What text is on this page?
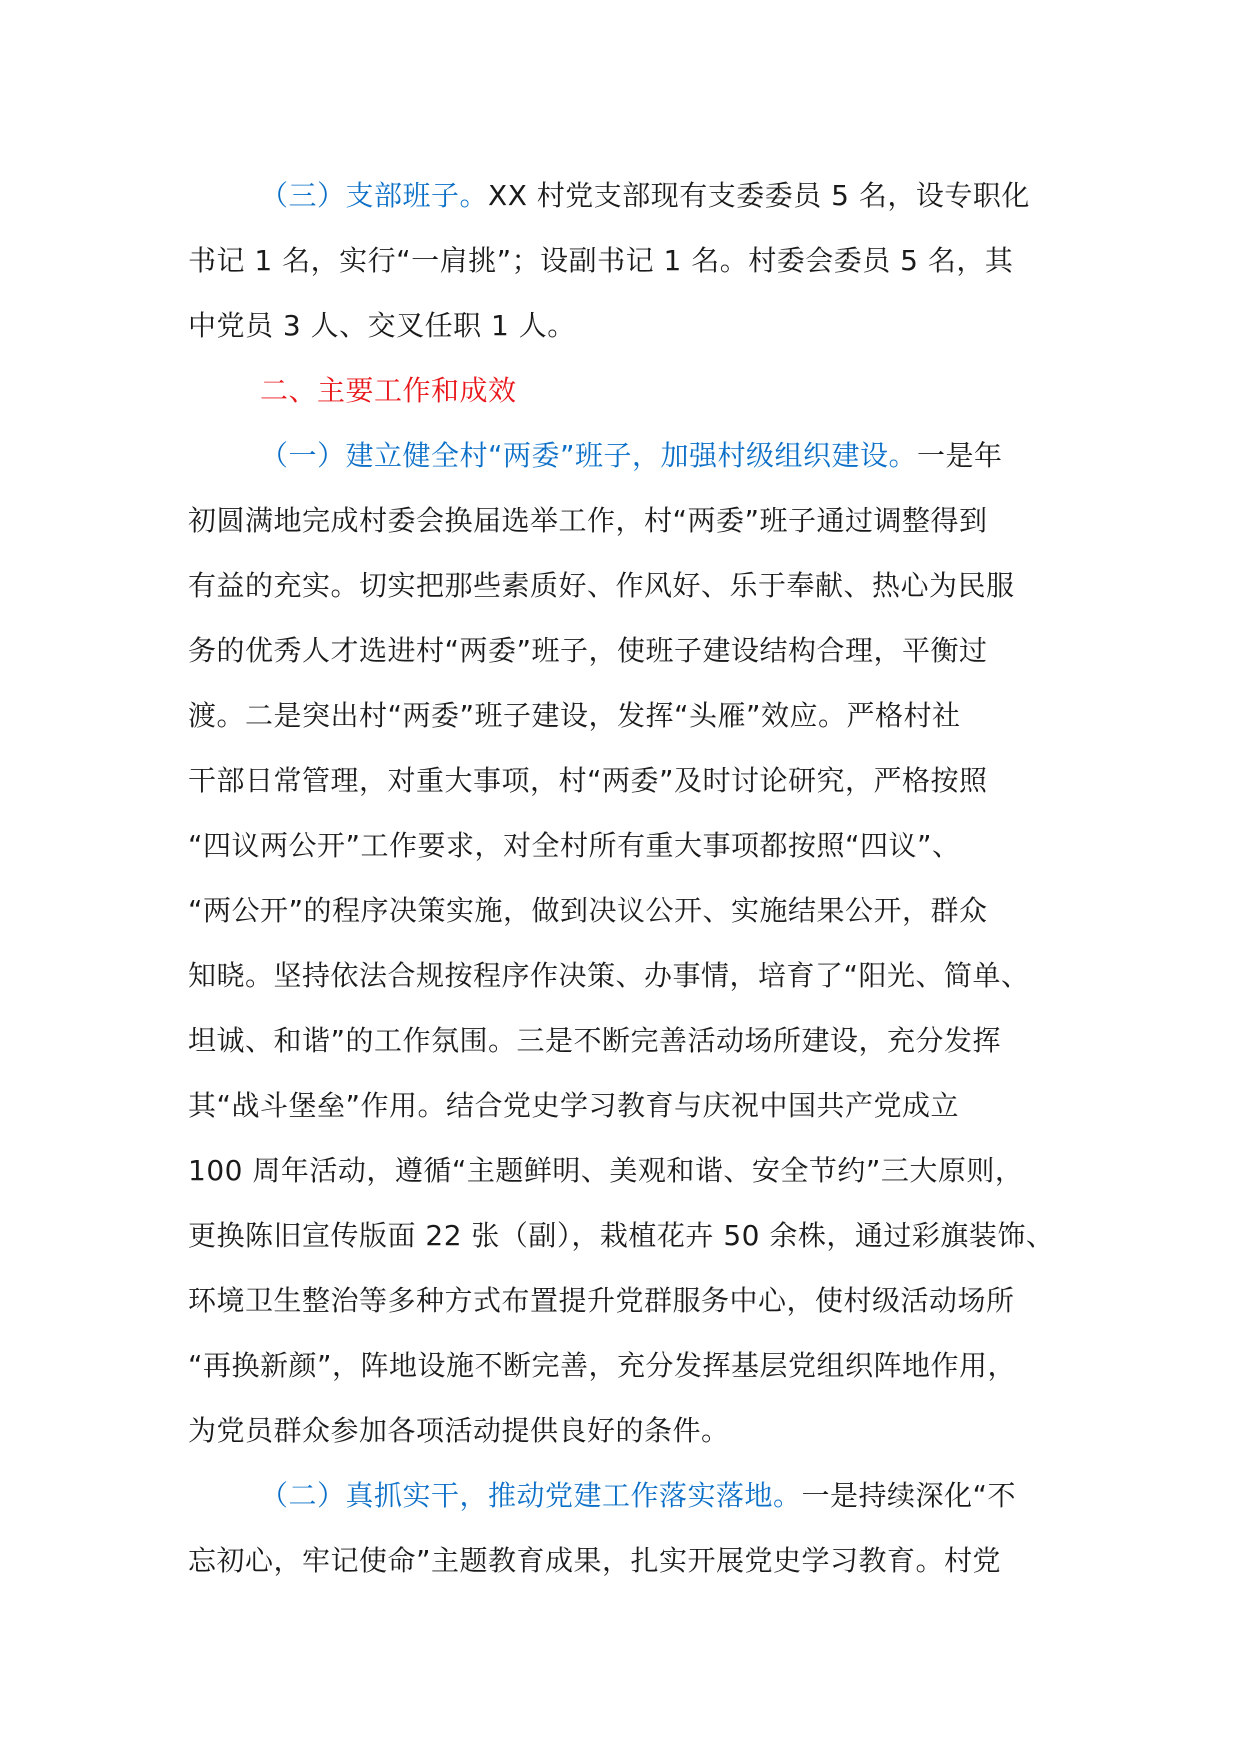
（三）支部班子。XX 村党支部现有支委委员 5 名，设专职化
书记 1 名，实行“一肩挑”；设副书记 1 名。村委会委员 5 名，其
中党员 3 人、交叉任职 1 人。
二、主要工作和成效
（一）建立健全村“两委”班子，加强村级组织建设。一是年
初圆满地完成村委会换届选举工作，村“两委”班子通过调整得到
有益的充实。切实把那些素质好、作风好、乐于奉献、热心为民服
务的优秀人才选进村“两委”班子，使班子建设结构合理，平衡过
渡。二是突出村“两委”班子建设，发挥“头雁”效应。严格村社
干部日常管理，对重大事项，村“两委”及时讨论研究，严格按照
“四议两公开”工作要求，对全村所有重大事项都按照“四议”、
“两公开”的程序决策实施，做到决议公开、实施结果公开，群众
知晓。坚持依法合规按程序作决策、办事情，培育了“阳光、简单、
坦诚、和谐”的工作氛围。三是不断完善活动场所建设，充分发挥
其“战斗堡垒”作用。结合党史学习教育与庆祝中国共产党成立
100 周年活动，遵循“主题鲜明、美观和谐、安全节约”三大原则，
更换陈旧宣传版面 22 张（副），栽植花卉 50 余株，通过彩旗装饰、
环境卫生整治等多种方式布置提升党群服务中心，使村级活动场所
“再换新颜”，阵地设施不断完善，充分发挥基层党组织阵地作用，
为党员群众参加各项活动提供良好的条件。
（二）真抓实干，推动党建工作落实落地。一是持续深化“不
忘初心，牢记使命”主题教育成果，扎实开展党史学习教育。村党
